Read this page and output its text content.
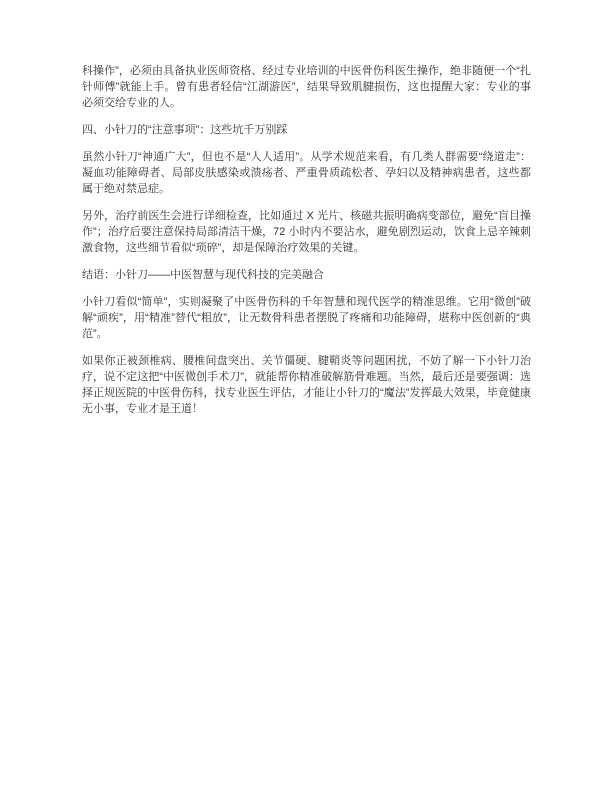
科操作”，必须由具备执业医师资格、经过专业培训的中医骨伤科医生操作，绝非随便一个“扎针师傅”就能上手。曾有患者轻信“江湖游医”，结果导致肌腱损伤，这也提醒大家：专业的事必须交给专业的人。

四、小针刀的“注意事项”：这些坑千万别踩

虽然小针刀“神通广大”，但也不是“人人适用”。从学术规范来看，有几类人群需要“绕道走”：凝血功能障碍者、局部皮肤感染或溃疡者、严重骨质疏松者、孕妇以及精神病患者，这些都属于绝对禁忌症。

另外，治疗前医生会进行详细检查，比如通过 X 光片、核磁共振明确病变部位，避免“盲目操作”；治疗后要注意保持局部清洁干燥，72 小时内不要沾水，避免剧烈运动，饮食上忌辛辣刺激食物，这些细节看似“琐碎”，却是保障治疗效果的关键。

结语：小针刀——中医智慧与现代科技的完美融合

小针刀看似“简单”，实则凝聚了中医骨伤科的千年智慧和现代医学的精准思维。它用“微创”破解“顽疾”，用“精准”替代“粗放”，让无数骨科患者摆脱了疼痛和功能障碍，堪称中医创新的“典范”。

如果你正被颈椎病、腰椎间盘突出、关节僵硬、腱鞘炎等问题困扰，不妨了解一下小针刀治疗，说不定这把“中医微创手术刀”，就能帮你精准破解筋骨难题。当然，最后还是要强调：选择正规医院的中医骨伤科，找专业医生评估，才能让小针刀的“魔法”发挥最大效果，毕竟健康无小事，专业才是王道！
